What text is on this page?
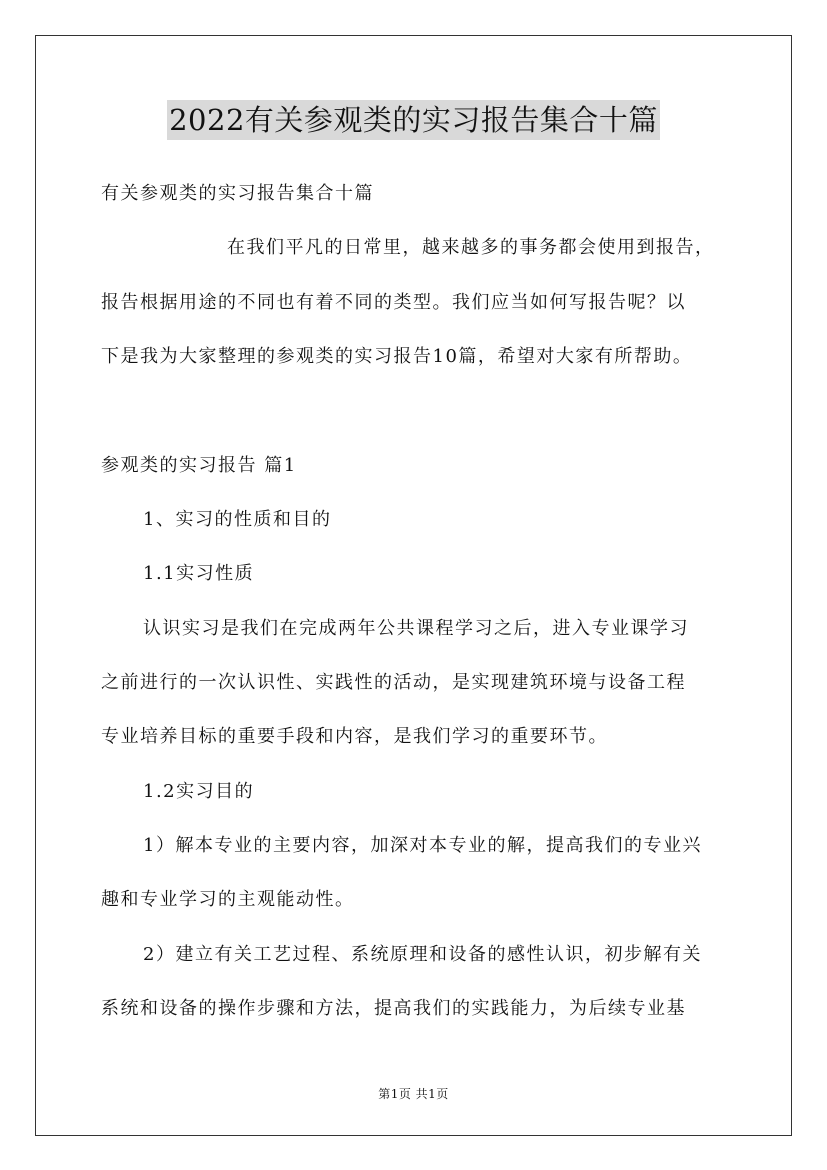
2022有关参观类的实习报告集合十篇
有关参观类的实习报告集合十篇
在我们平凡的日常里，越来越多的事务都会使用到报告，
报告根据用途的不同也有着不同的类型。我们应当如何写报告呢？以
下是我为大家整理的参观类的实习报告10篇，希望对大家有所帮助。
参观类的实习报告 篇1
1、实习的性质和目的
1.1实习性质
认识实习是我们在完成两年公共课程学习之后，进入专业课学习
之前进行的一次认识性、实践性的活动，是实现建筑环境与设备工程
专业培养目标的重要手段和内容，是我们学习的重要环节。
1.2实习目的
1）解本专业的主要内容，加深对本专业的解，提高我们的专业兴
趣和专业学习的主观能动性。
2）建立有关工艺过程、系统原理和设备的感性认识，初步解有关
系统和设备的操作步骤和方法，提高我们的实践能力，为后续专业基
第1页 共1页
